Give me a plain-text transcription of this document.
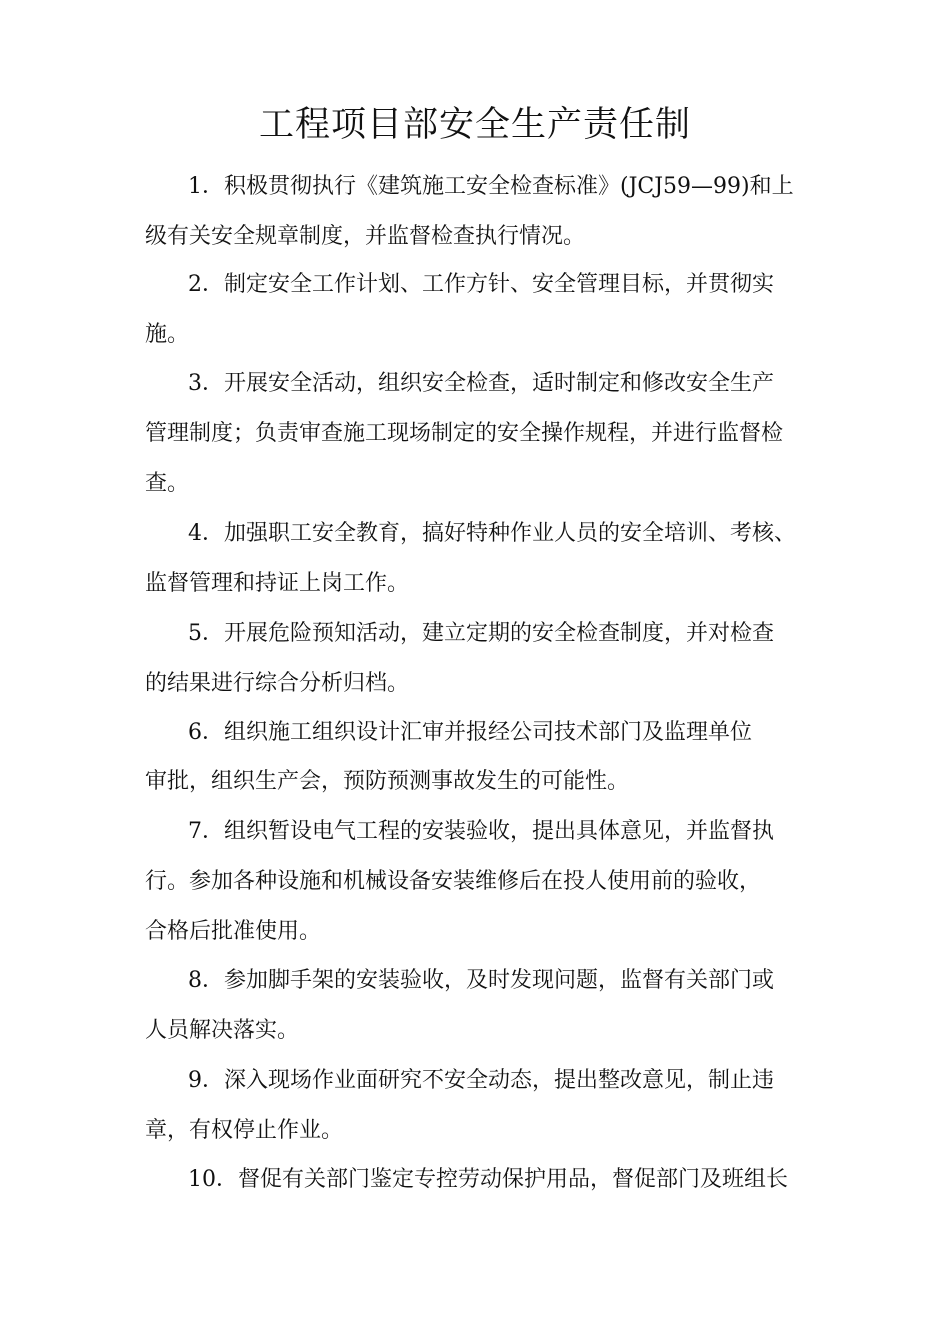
工程项目部安全生产责任制

1．积极贯彻执行《建筑施工安全检查标准》(JCJ59—99)和上

级有关安全规章制度，并监督检查执行情况。

2．制定安全工作计划、工作方针、安全管理目标，并贯彻实

施。

3．开展安全活动，组织安全检查，适时制定和修改安全生产

管理制度；负责审查施工现场制定的安全操作规程，并进行监督检

查。

4．加强职工安全教育，搞好特种作业人员的安全培训、考核、

监督管理和持证上岗工作。

5．开展危险预知活动，建立定期的安全检查制度，并对检查

的结果进行综合分析归档。

6．组织施工组织设计汇审并报经公司技术部门及监理单位

审批，组织生产会，预防预测事故发生的可能性。

7．组织暂设电气工程的安装验收，提出具体意见，并监督执

行。参加各种设施和机械设备安装维修后在投人使用前的验收，

合格后批准使用。

8．参加脚手架的安装验收，及时发现问题，监督有关部门或

人员解决落实。

9．深入现场作业面研究不安全动态，提出整改意见，制止违

章，有权停止作业。

10．督促有关部门鉴定专控劳动保护用品，督促部门及班组长
